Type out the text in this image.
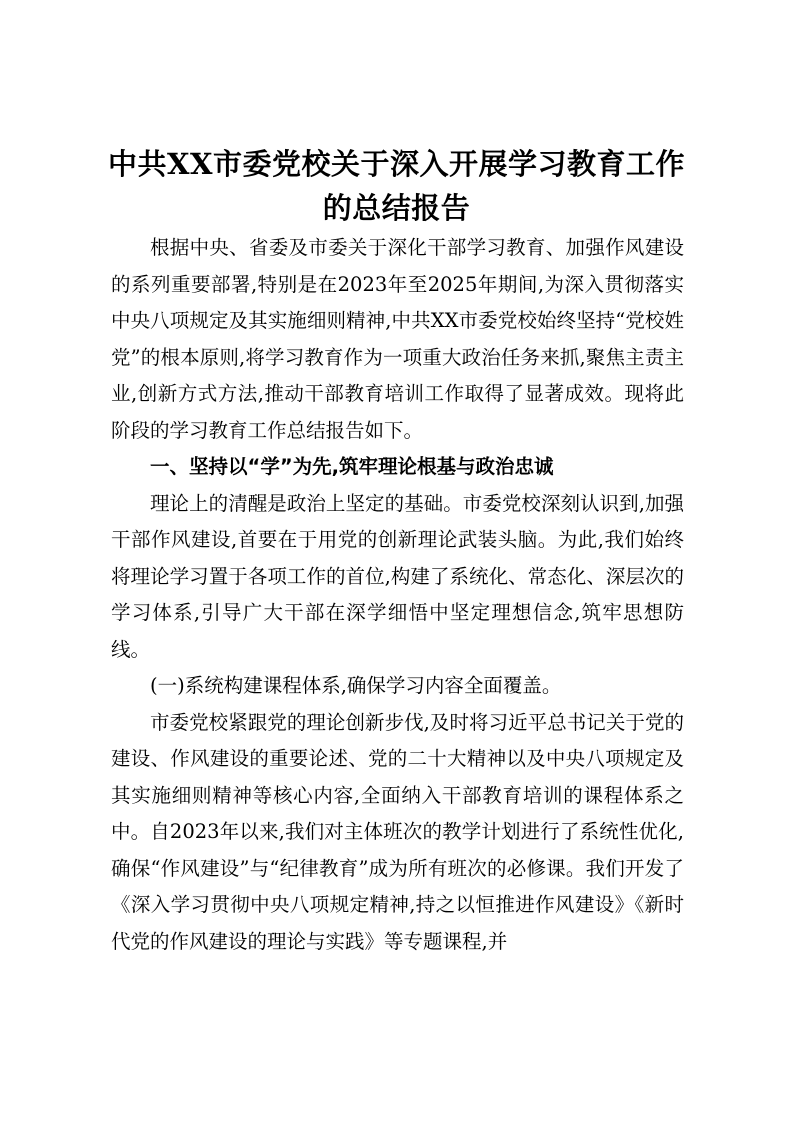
中共XX市委党校关于深入开展学习教育工作
的总结报告

根据中央、省委及市委关于深化干部学习教育、加强作风建设的系列重要部署,特别是在2023年至2025年期间,为深入贯彻落实中央八项规定及其实施细则精神,中共XX市委党校始终坚持“党校姓党”的根本原则,将学习教育作为一项重大政治任务来抓,聚焦主责主业,创新方式方法,推动干部教育培训工作取得了显著成效。现将此阶段的学习教育工作总结报告如下。

一、坚持以“学”为先,筑牢理论根基与政治忠诚

理论上的清醒是政治上坚定的基础。市委党校深刻认识到,加强干部作风建设,首要在于用党的创新理论武装头脑。为此,我们始终将理论学习置于各项工作的首位,构建了系统化、常态化、深层次的学习体系,引导广大干部在深学细悟中坚定理想信念,筑牢思想防线。

(一)系统构建课程体系,确保学习内容全面覆盖。

市委党校紧跟党的理论创新步伐,及时将习近平总书记关于党的建设、作风建设的重要论述、党的二十大精神以及中央八项规定及其实施细则精神等核心内容,全面纳入干部教育培训的课程体系之中。自2023年以来,我们对主体班次的教学计划进行了系统性优化,确保“作风建设”与“纪律教育”成为所有班次的必修课。我们开发了《深入学习贯彻中央八项规定精神,持之以恒推进作风建设》《新时代党的作风建设的理论与实践》等专题课程,并
